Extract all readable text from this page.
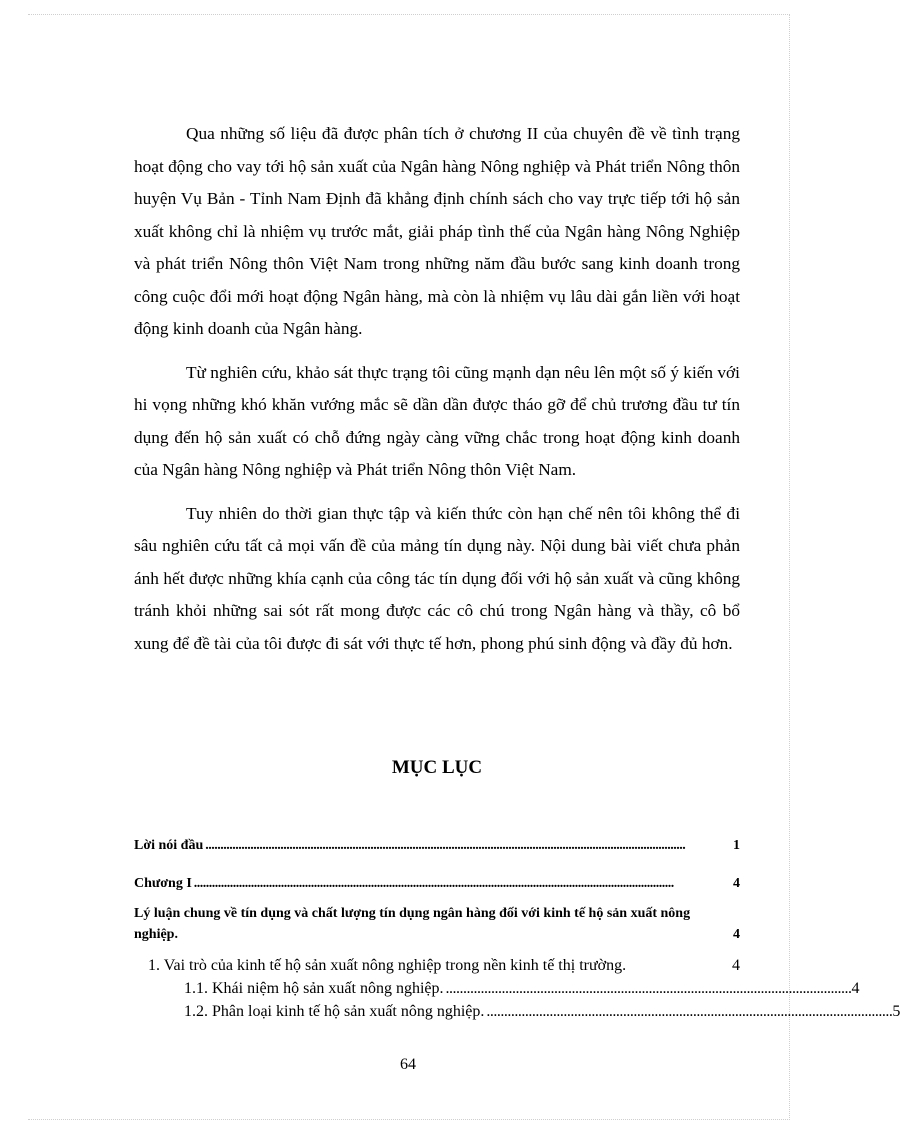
Qua những số liệu đã được phân tích ở chương II của chuyên đề về tình trạng hoạt động cho vay tới hộ sản xuất của Ngân hàng Nông nghiệp và Phát triển Nông thôn huyện Vụ Bản - Tỉnh Nam Định đã khẳng định chính sách cho vay trực tiếp tới hộ sản xuất không chỉ là nhiệm vụ trước mắt, giải pháp tình thế của Ngân hàng Nông Nghiệp và phát triển Nông thôn Việt Nam trong những năm đầu bước sang kinh doanh trong công cuộc đổi mới hoạt động Ngân hàng, mà còn là nhiệm vụ lâu dài gắn liền với hoạt động kinh doanh của Ngân hàng.

Từ nghiên cứu, khảo sát thực trạng tôi cũng mạnh dạn nêu lên một số ý kiến với hi vọng những khó khăn vướng mắc sẽ dần dần được tháo gỡ để chủ trương đầu tư tín dụng đến hộ sản xuất có chỗ đứng ngày càng vững chắc trong hoạt động kinh doanh của Ngân hàng Nông nghiệp và Phát triển Nông thôn Việt Nam.

Tuy nhiên do thời gian thực tập và kiến thức còn hạn chế nên tôi không thể đi sâu nghiên cứu tất cả mọi vấn đề của mảng tín dụng này. Nội dung bài viết chưa phản ánh hết được những khía cạnh của công tác tín dụng đối với hộ sản xuất và cũng không tránh khỏi những sai sót rất mong được các cô chú trong Ngân hàng và thầy, cô bổ xung để đề tài của tôi được đi sát với thực tế hơn, phong phú sinh động và đầy đủ hơn.

MỤC LỤC
Lời nói đầu ................................................................................................................................................................	1
Chương I ................................................................................................................................................................	4
Lý luận chung về tín dụng và chất lượng tín dụng ngân hàng đối với kinh tế hộ sản xuất nông nghiệp.	4
1. Vai trò của kinh tế hộ sản xuất nông nghiệp trong nền kinh tế thị trường.	4
1.1. Khái niệm hộ sản xuất nông nghiệp. .................................................................................................................... 4
1.2. Phân loại kinh tế hộ sản xuất nông nghiệp. .................................................................................................................... 5
64
